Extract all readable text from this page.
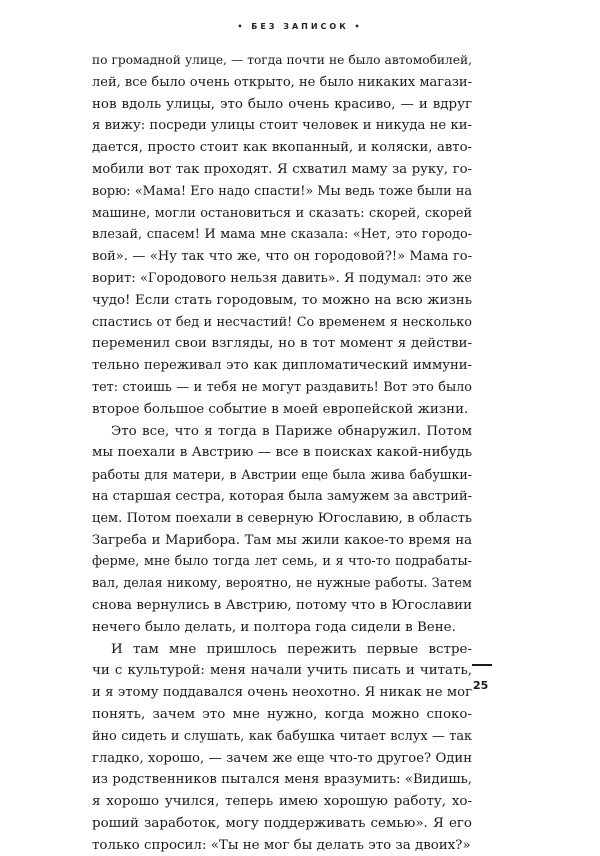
• БЕЗ ЗАПИСОК •
по громадной улице, — тогда почти не было автомобилей,
лей, все было очень открыто, не было никаких магази-
нов вдоль улицы, это было очень красиво, — и вдруг
я вижу: посреди улицы стоит человек и никуда не ки-
дается, просто стоит как вкопанный, и коляски, авто-
мобили вот так проходят. Я схватил маму за руку, го-
ворю: «Мама! Его надо спасти!» Мы ведь тоже были на
машине, могли остановиться и сказать: скорей, скорей
влезай, спасем! И мама мне сказала: «Нет, это городо-
вой». — «Ну так что же, что он городовой?!» Мама го-
ворит: «Городового нельзя давить». Я подумал: это же
чудо! Если стать городовым, то можно на всю жизнь
спастись от бед и несчастий! Со временем я несколько
переменил свои взгляды, но в тот момент я действи-
тельно переживал это как дипломатический иммуни-
тет: стоишь — и тебя не могут раздавить! Вот это было
второе большое событие в моей европейской жизни.
Это все, что я тогда в Париже обнаружил. Потом
мы поехали в Австрию — все в поисках какой-нибудь
работы для матери, в Австрии еще была жива бабушки-
на старшая сестра, которая была замужем за австрий-
цем. Потом поехали в северную Югославию, в область
Загреба и Марибора. Там мы жили какое-то время на
ферме, мне было тогда лет семь, и я что-то подрабаты-
вал, делая никому, вероятно, не нужные работы. Затем
снова вернулись в Австрию, потому что в Югославии
нечего было делать, и полтора года сидели в Вене.
И там мне пришлось пережить первые встре-
чи с культурой: меня начали учить писать и читать,
и я этому поддавался очень неохотно. Я никак не мог
понять, зачем это мне нужно, когда можно споко-
йно сидеть и слушать, как бабушка читает вслух — так
гладко, хорошо, — зачем же еще что-то другое? Один
из родственников пытался меня вразумить: «Видишь,
я хорошо учился, теперь имею хорошую работу, хо-
роший заработок, могу поддерживать семью». Я его
только спросил: «Ты не мог бы делать это за двоих?»
25
